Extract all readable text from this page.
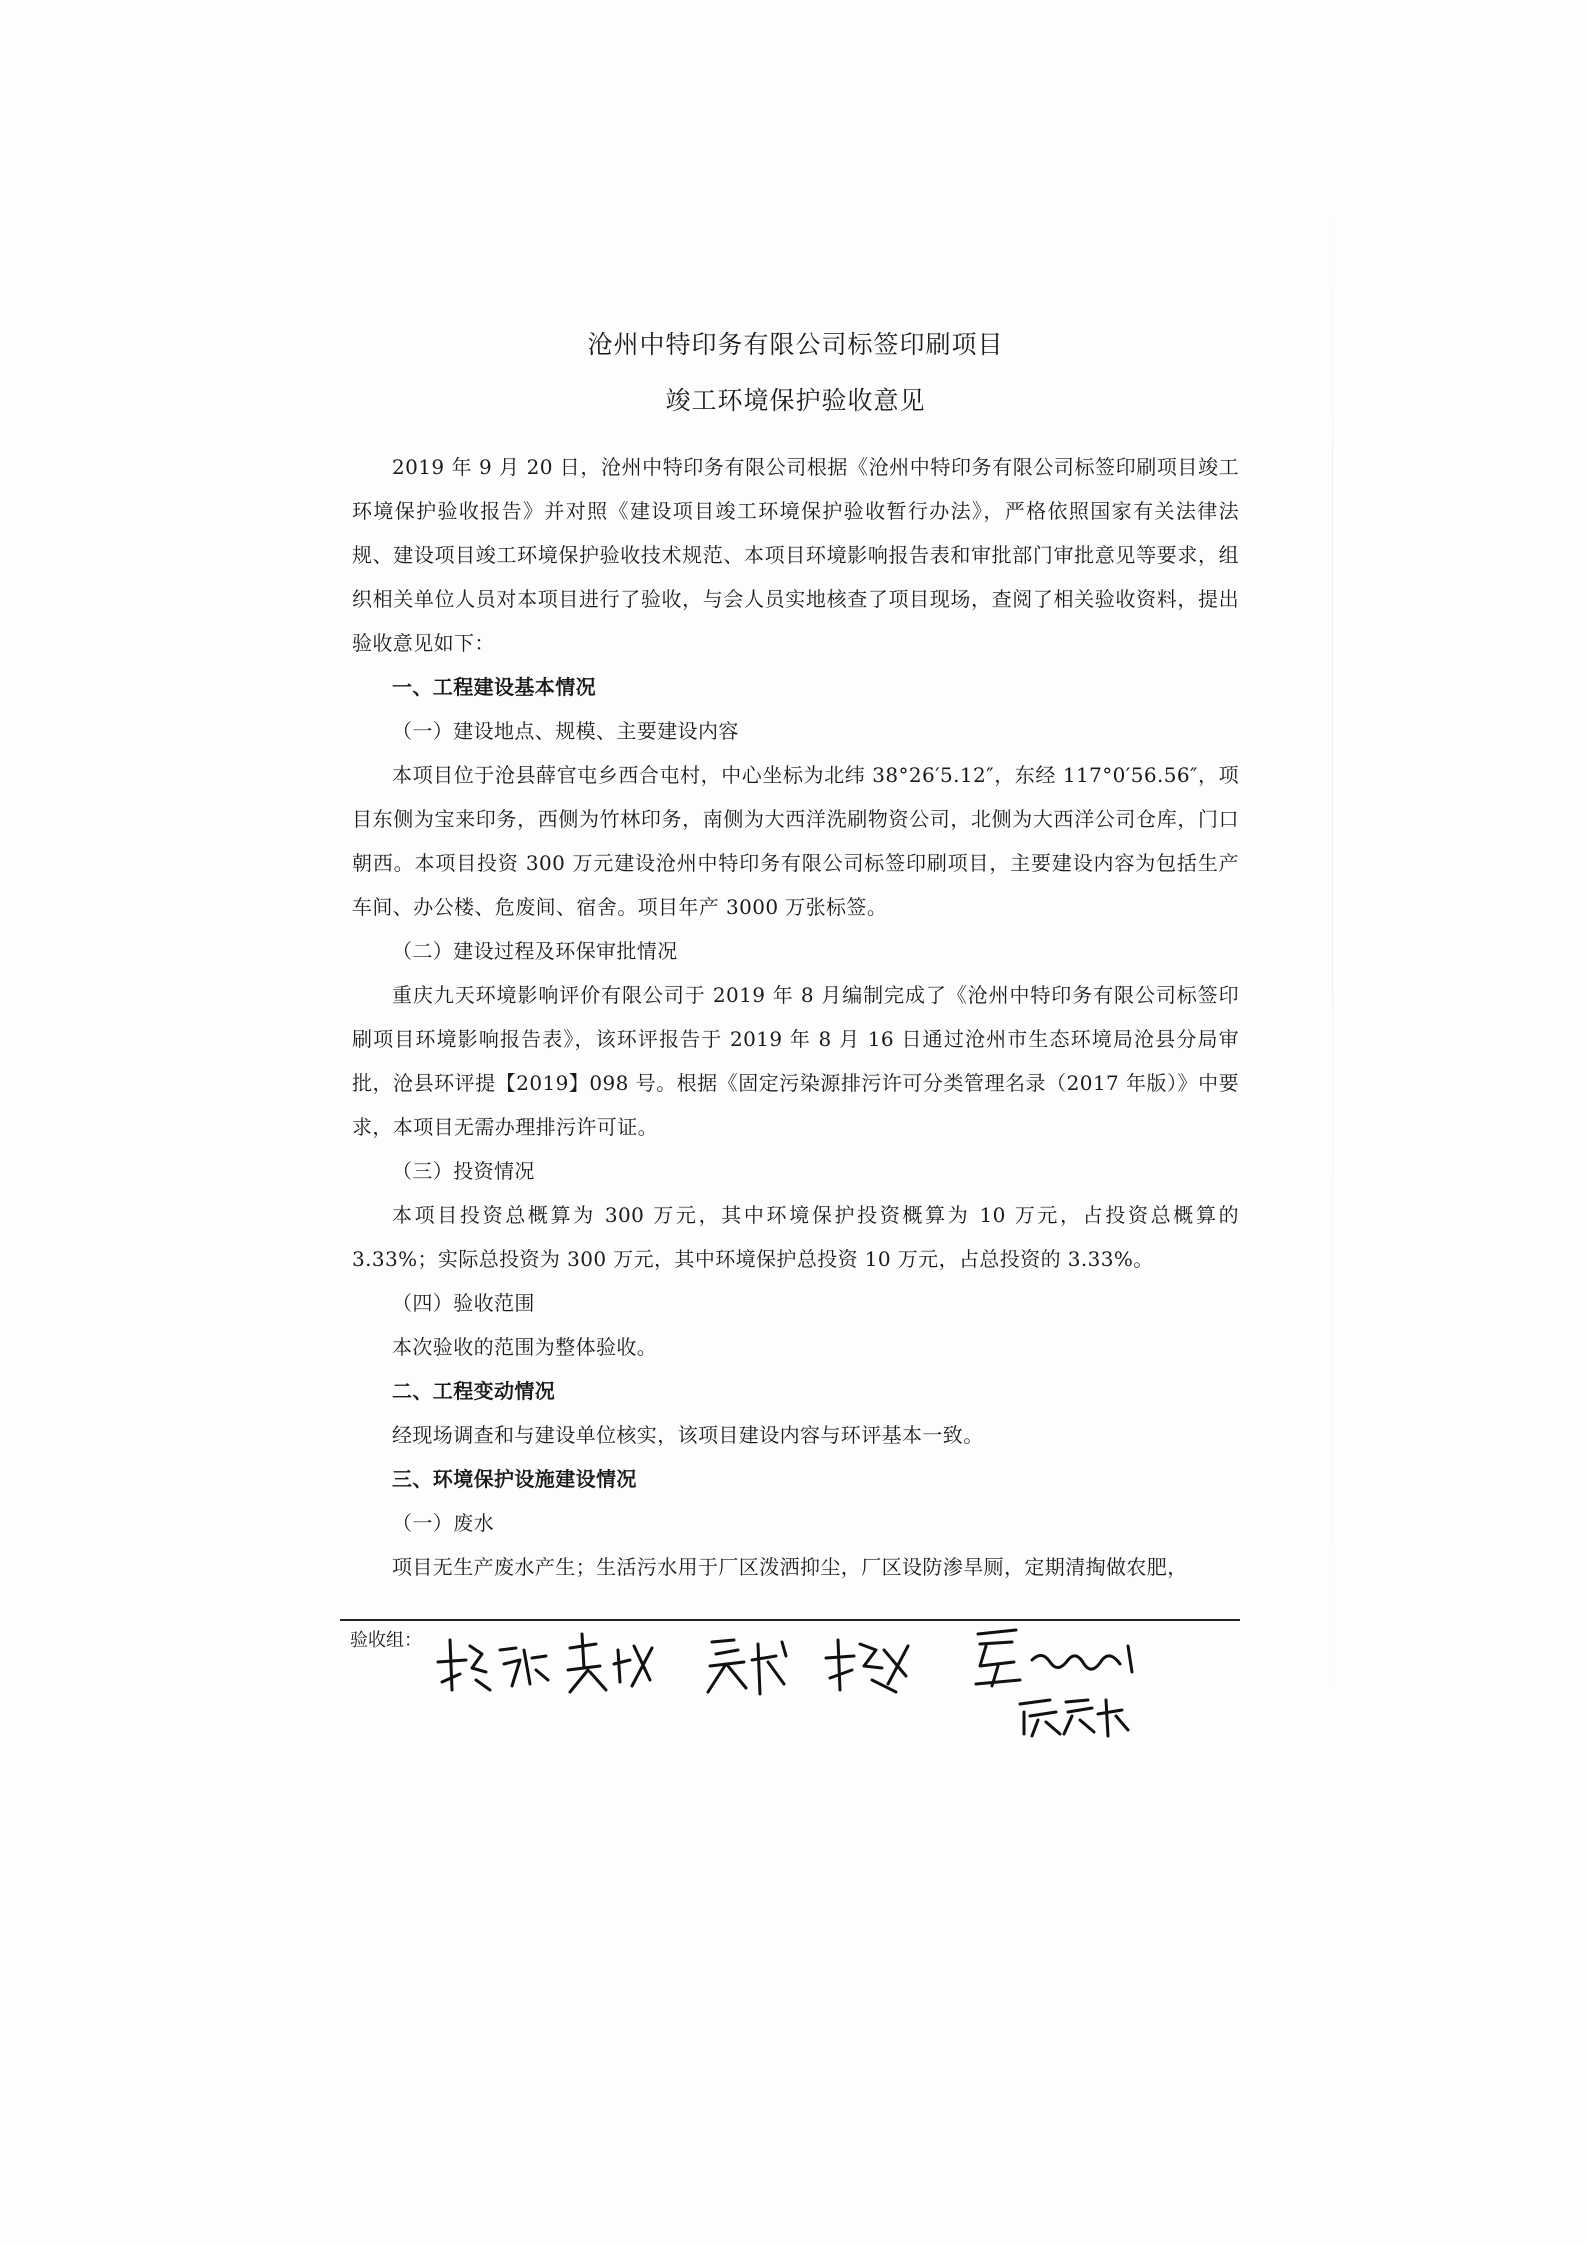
沧州中特印务有限公司标签印刷项目
竣工环境保护验收意见

2019 年 9 月 20 日，沧州中特印务有限公司根据《沧州中特印务有限公司标签印刷项目竣工环境保护验收报告》并对照《建设项目竣工环境保护验收暂行办法》，严格依照国家有关法律法规、建设项目竣工环境保护验收技术规范、本项目环境影响报告表和审批部门审批意见等要求，组织相关单位人员对本项目进行了验收，与会人员实地核查了项目现场，查阅了相关验收资料，提出验收意见如下：

一、工程建设基本情况

（一）建设地点、规模、主要建设内容

本项目位于沧县薛官屯乡西合屯村，中心坐标为北纬 38°26′5.12″，东经 117°0′56.56″，项目东侧为宝来印务，西侧为竹林印务，南侧为大西洋洗刷物资公司，北侧为大西洋公司仓库，门口朝西。本项目投资 300 万元建设沧州中特印务有限公司标签印刷项目，主要建设内容为包括生产车间、办公楼、危废间、宿舍。项目年产 3000 万张标签。

（二）建设过程及环保审批情况

重庆九天环境影响评价有限公司于 2019 年 8 月编制完成了《沧州中特印务有限公司标签印刷项目环境影响报告表》，该环评报告于 2019 年 8 月 16 日通过沧州市生态环境局沧县分局审批，沧县环评提【2019】098 号。根据《固定污染源排污许可分类管理名录（2017 年版）》中要求，本项目无需办理排污许可证。

（三）投资情况

本项目投资总概算为 300 万元，其中环境保护投资概算为 10 万元，占投资总概算的 3.33%；实际总投资为 300 万元，其中环境保护总投资 10 万元，占总投资的 3.33%。

（四）验收范围

本次验收的范围为整体验收。

二、工程变动情况

经现场调查和与建设单位核实，该项目建设内容与环评基本一致。

三、环境保护设施建设情况

（一）废水

项目无生产废水产生；生活污水用于厂区泼洒抑尘，厂区设防渗旱厕，定期清掏做农肥，

验收组：
